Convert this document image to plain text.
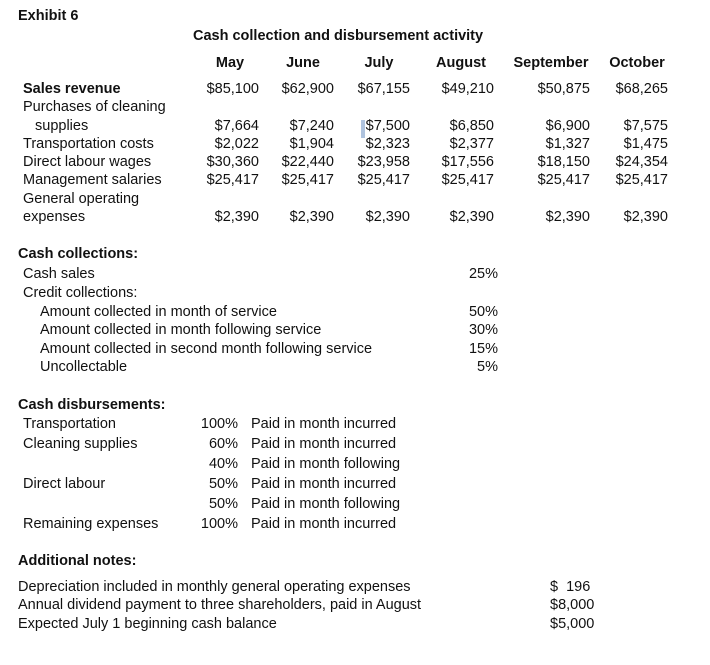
Exhibit 6
Cash collection and disbursement activity
May	June	July	August	September	October
Sales revenue	$85,100	$62,900	$67,155	$49,210	$50,875	$68,265
Purchases of cleaning
supplies	$7,664	$7,240	$7,500	$6,850	$6,900	$7,575
Transportation costs	$2,022	$1,904	$2,323	$2,377	$1,327	$1,475
Direct labour wages	$30,360	$22,440	$23,958	$17,556	$18,150	$24,354
Management salaries	$25,417	$25,417	$25,417	$25,417	$25,417	$25,417
General operating
expenses	$2,390	$2,390	$2,390	$2,390	$2,390	$2,390
Cash collections:
Cash sales	25%
Credit collections:
Amount collected in month of service	50%
Amount collected in month following service	30%
Amount collected in second month following service	15%
Uncollectable	5%
Cash disbursements:
Transportation	100% Paid in month incurred
Cleaning supplies	60% Paid in month incurred
40% Paid in month following
Direct labour	50% Paid in month incurred
50% Paid in month following
Remaining expenses	100% Paid in month incurred
Additional notes:
Depreciation included in monthly general operating expenses	$  196
Annual dividend payment to three shareholders, paid in August	$8,000
Expected July 1 beginning cash balance	$5,000
